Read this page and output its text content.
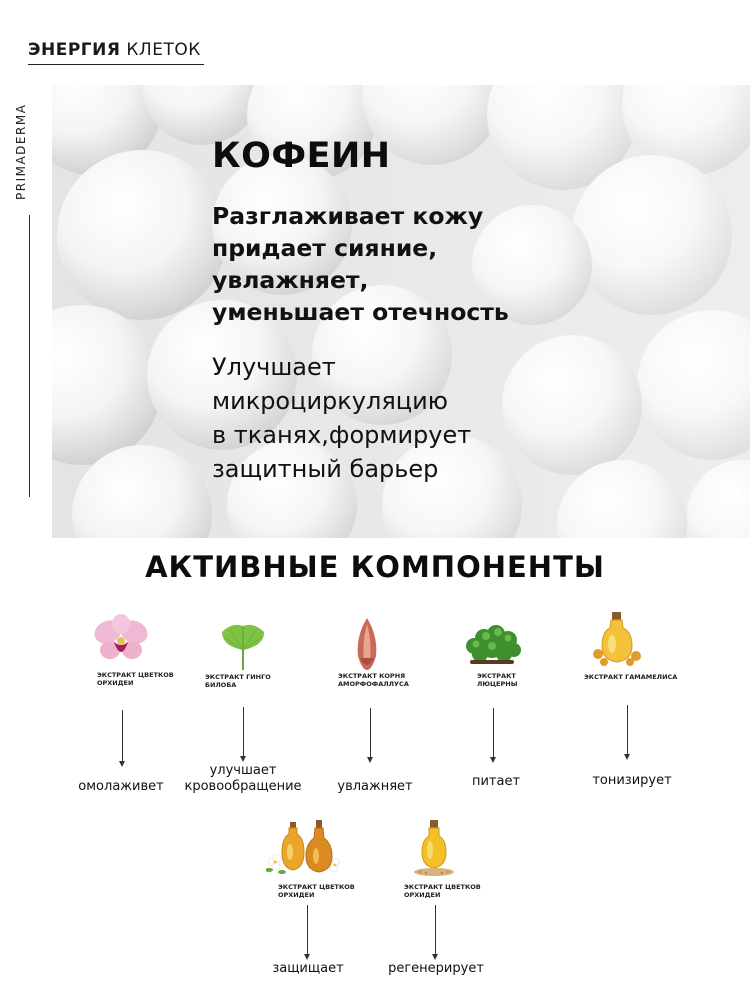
ЭНЕРГИЯ КЛЕТОК
PRIMADERMA	КОФЕИН
Разглаживает кожу
придает сияние,
увлажняет,
уменьшает отечность
Улучшает
микроциркуляцию
в тканях,формирует
защитный барьер
АКТИВНЫЕ КОМПОНЕНТЫ
ЭКСТРАКТ ЦВЕТКОВ
ОРХИДЕИ
омолаживет
ЭКСТРАКТ ГИНГО
БИЛОБА
улучшает
кровообращение
ЭКСТРАКТ КОРНЯ
АМОРФОФАЛЛУСА
увлажняет
ЭКСТРАКТ
ЛЮЦЕРНЫ
питает
ЭКСТРАКТ ГАМАМЕЛИСА
тонизирует
ЭКСТРАКТ ЦВЕТКОВ
ОРХИДЕИ
защищает
ЭКСТРАКТ ЦВЕТКОВ
ОРХИДЕИ
регенерирует
